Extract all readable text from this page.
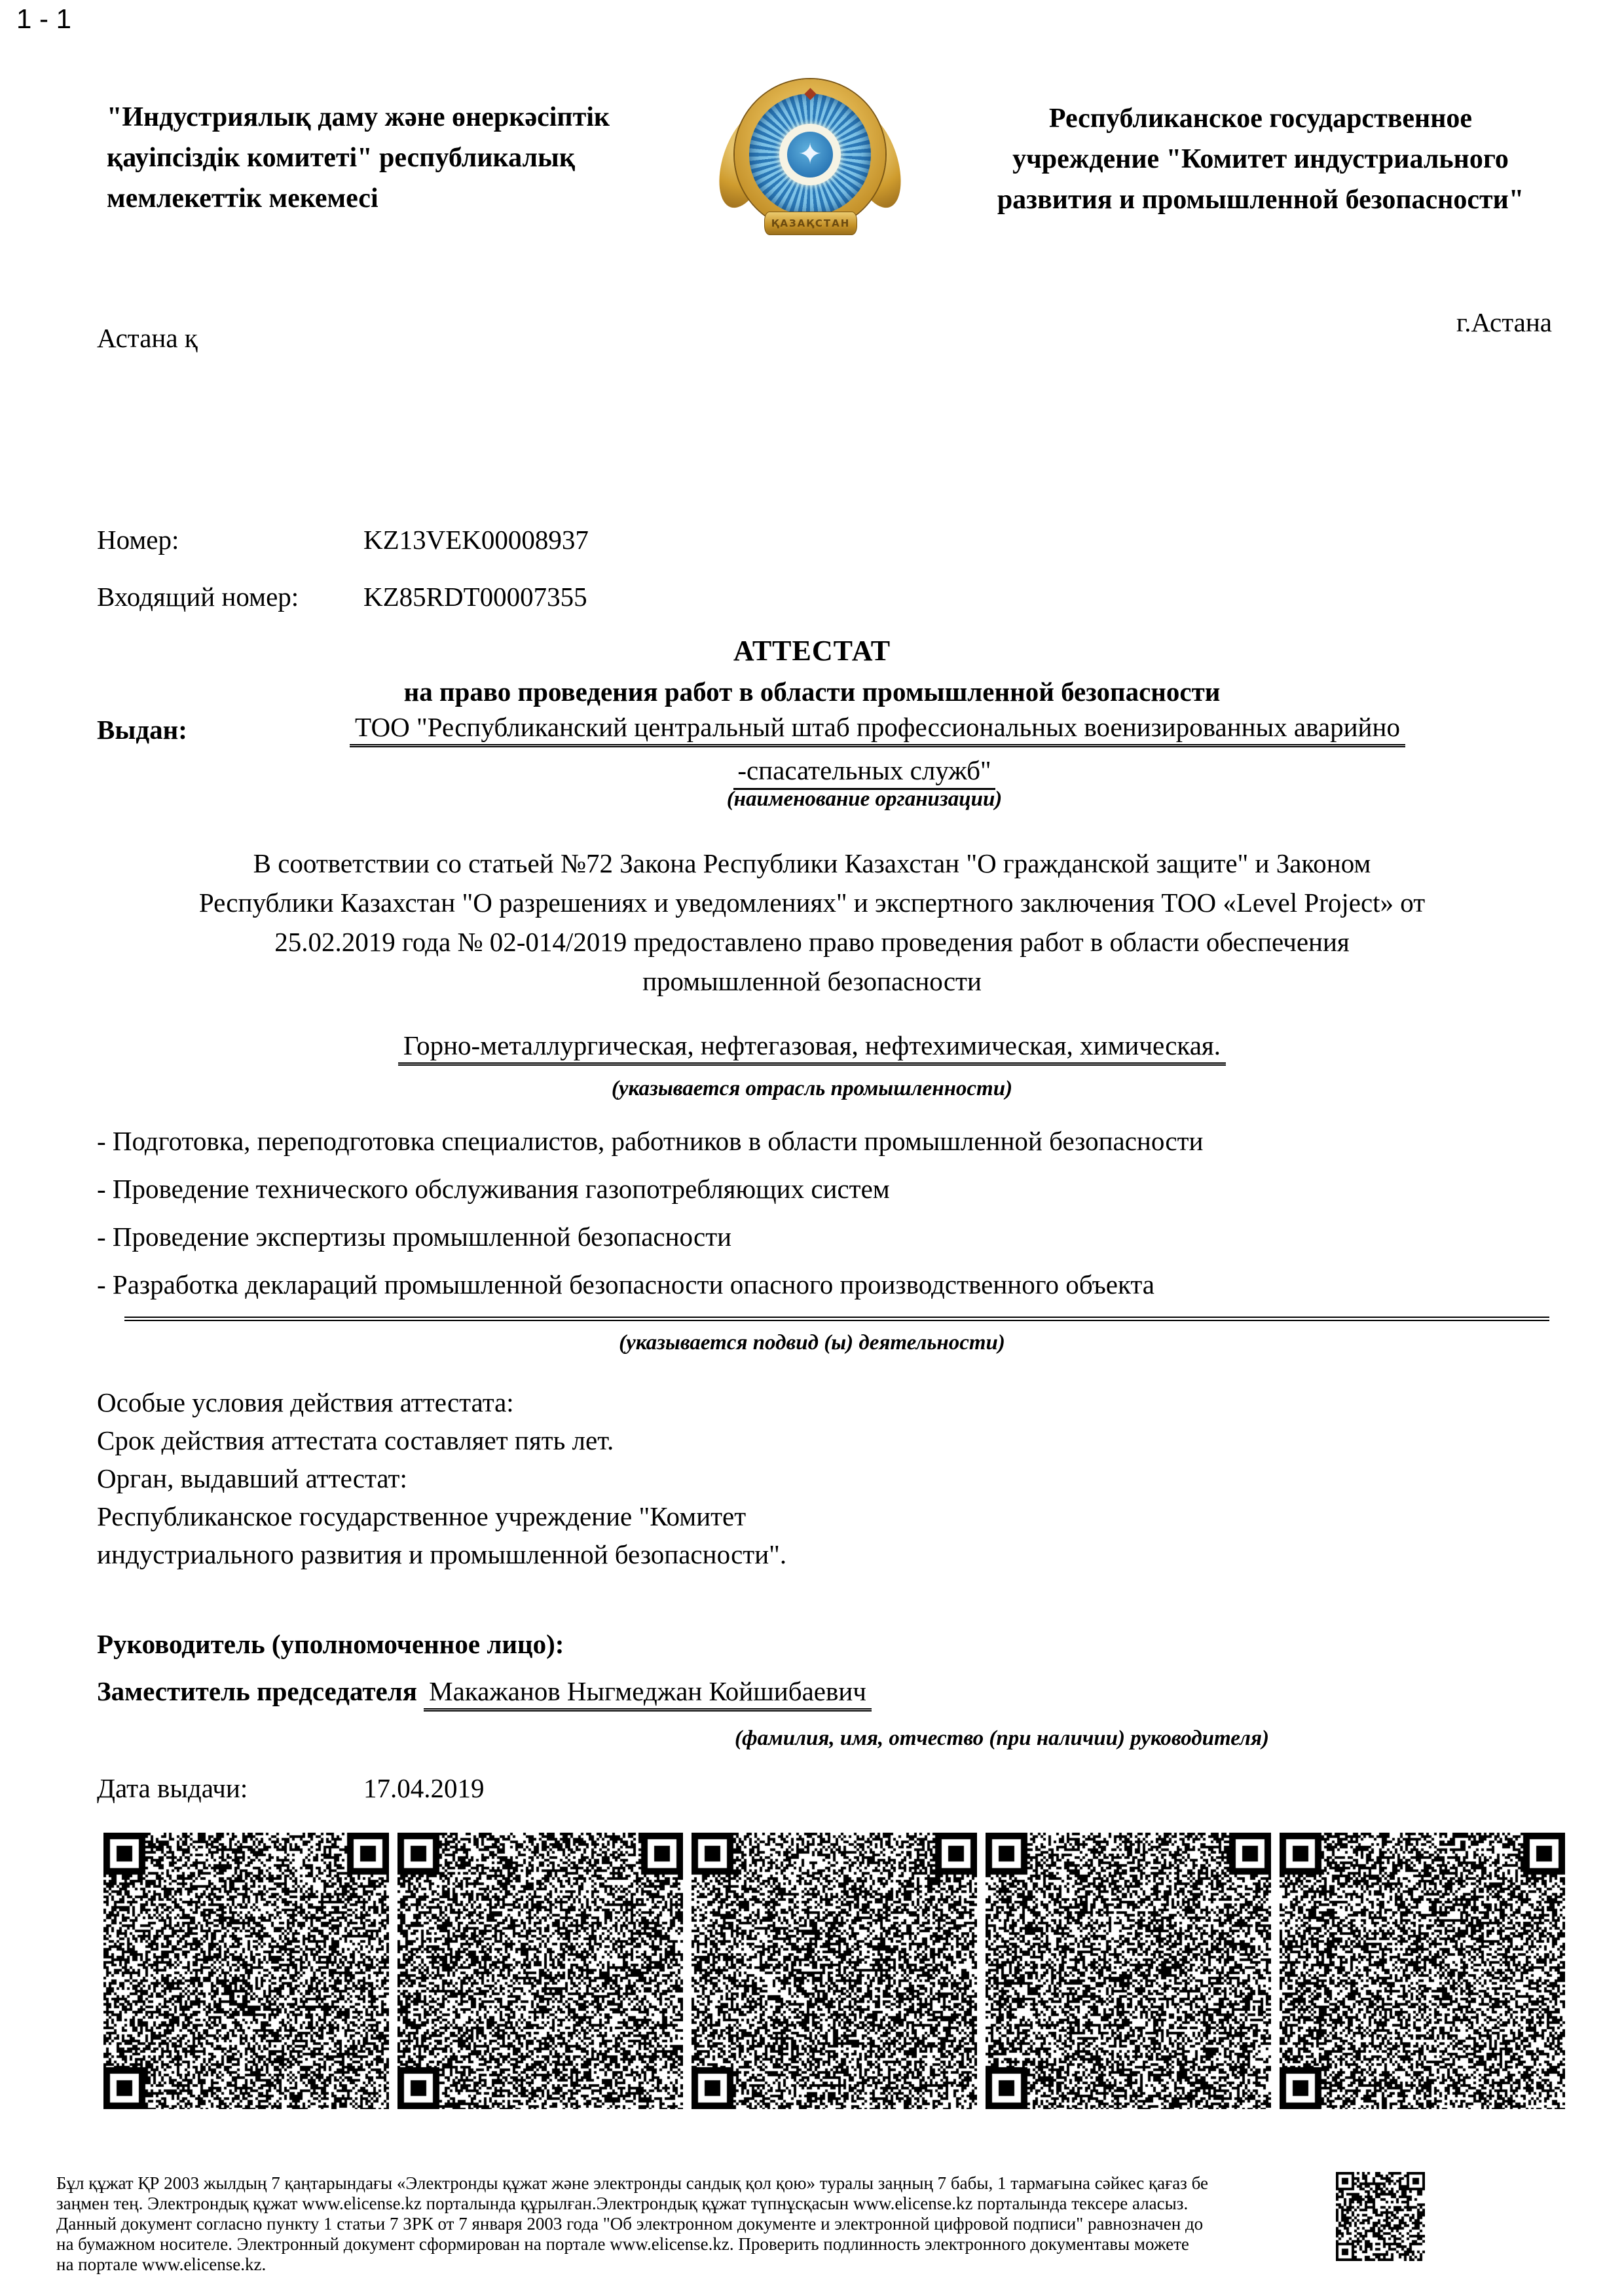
1 - 1
"Индустриялық даму және өнеркәсіптік
қауіпсіздік комитеті" республикалық
мемлекеттік мекемесі
✦
ҚАЗАҚСТАН
Республиканское государственное
учреждение "Комитет индустриального
развития и промышленной безопасности"
г.Астана
Астана қ
Номер:	KZ13VEK00008937
Входящий номер: KZ85RDT00007355
АТТЕСТАТ
на право проведения работ в области промышленной безопасности
Выдан:	ТОО "Республиканский центральный штаб профессиональных военизированных аварийно
-спасательных служб"
(наименование организации)
В соответствии со статьей №72 Закона Республики Казахстан "О гражданской защите" и Законом
Республики Казахстан "О разрешениях и уведомлениях" и экспертного заключения ТОО «Level Project» от
25.02.2019 года № 02-014/2019 предоставлено право проведения работ в области обеспечения
промышленной безопасности
Горно-металлургическая, нефтегазовая, нефтехимическая, химическая.
(указывается отрасль промышленности)
- Подготовка, переподготовка специалистов, работников в области промышленной безопасности
- Проведение технического обслуживания газопотребляющих систем
- Проведение экспертизы промышленной безопасности
- Разработка деклараций промышленной безопасности опасного производственного объекта
(указывается подвид (ы) деятельности)
Особые условия действия аттестата:
Срок действия аттестата составляет пять лет.
Орган, выдавший аттестат:
Республиканское государственное учреждение "Комитет
индустриального развития и промышленной безопасности".
Руководитель (уполномоченное лицо):
Заместитель председателя Макажанов Ныгмеджан Койшибаевич
(фамилия, имя, отчество (при наличии) руководителя)
Дата выдачи:	17.04.2019
Бұл құжат ҚР 2003 жылдың 7 қаңтарындағы «Электронды құжат және электронды сандық қол қою» туралы заңның 7 бабы, 1 тармағына сәйкес қағаз бе
заңмен тең. Электрондық құжат www.elicense.kz порталында құрылған.Электрондық құжат түпнұсқасын www.elicense.kz порталында тексере аласыз.
Данный документ согласно пункту 1 статьи 7 ЗРК от 7 января 2003 года "Об электронном документе и электронной цифровой подписи" равнозначен до
на бумажном носителе. Электронный документ сформирован на портале www.elicense.kz. Проверить подлинность электронного документавы можете
на портале www.elicense.kz.
